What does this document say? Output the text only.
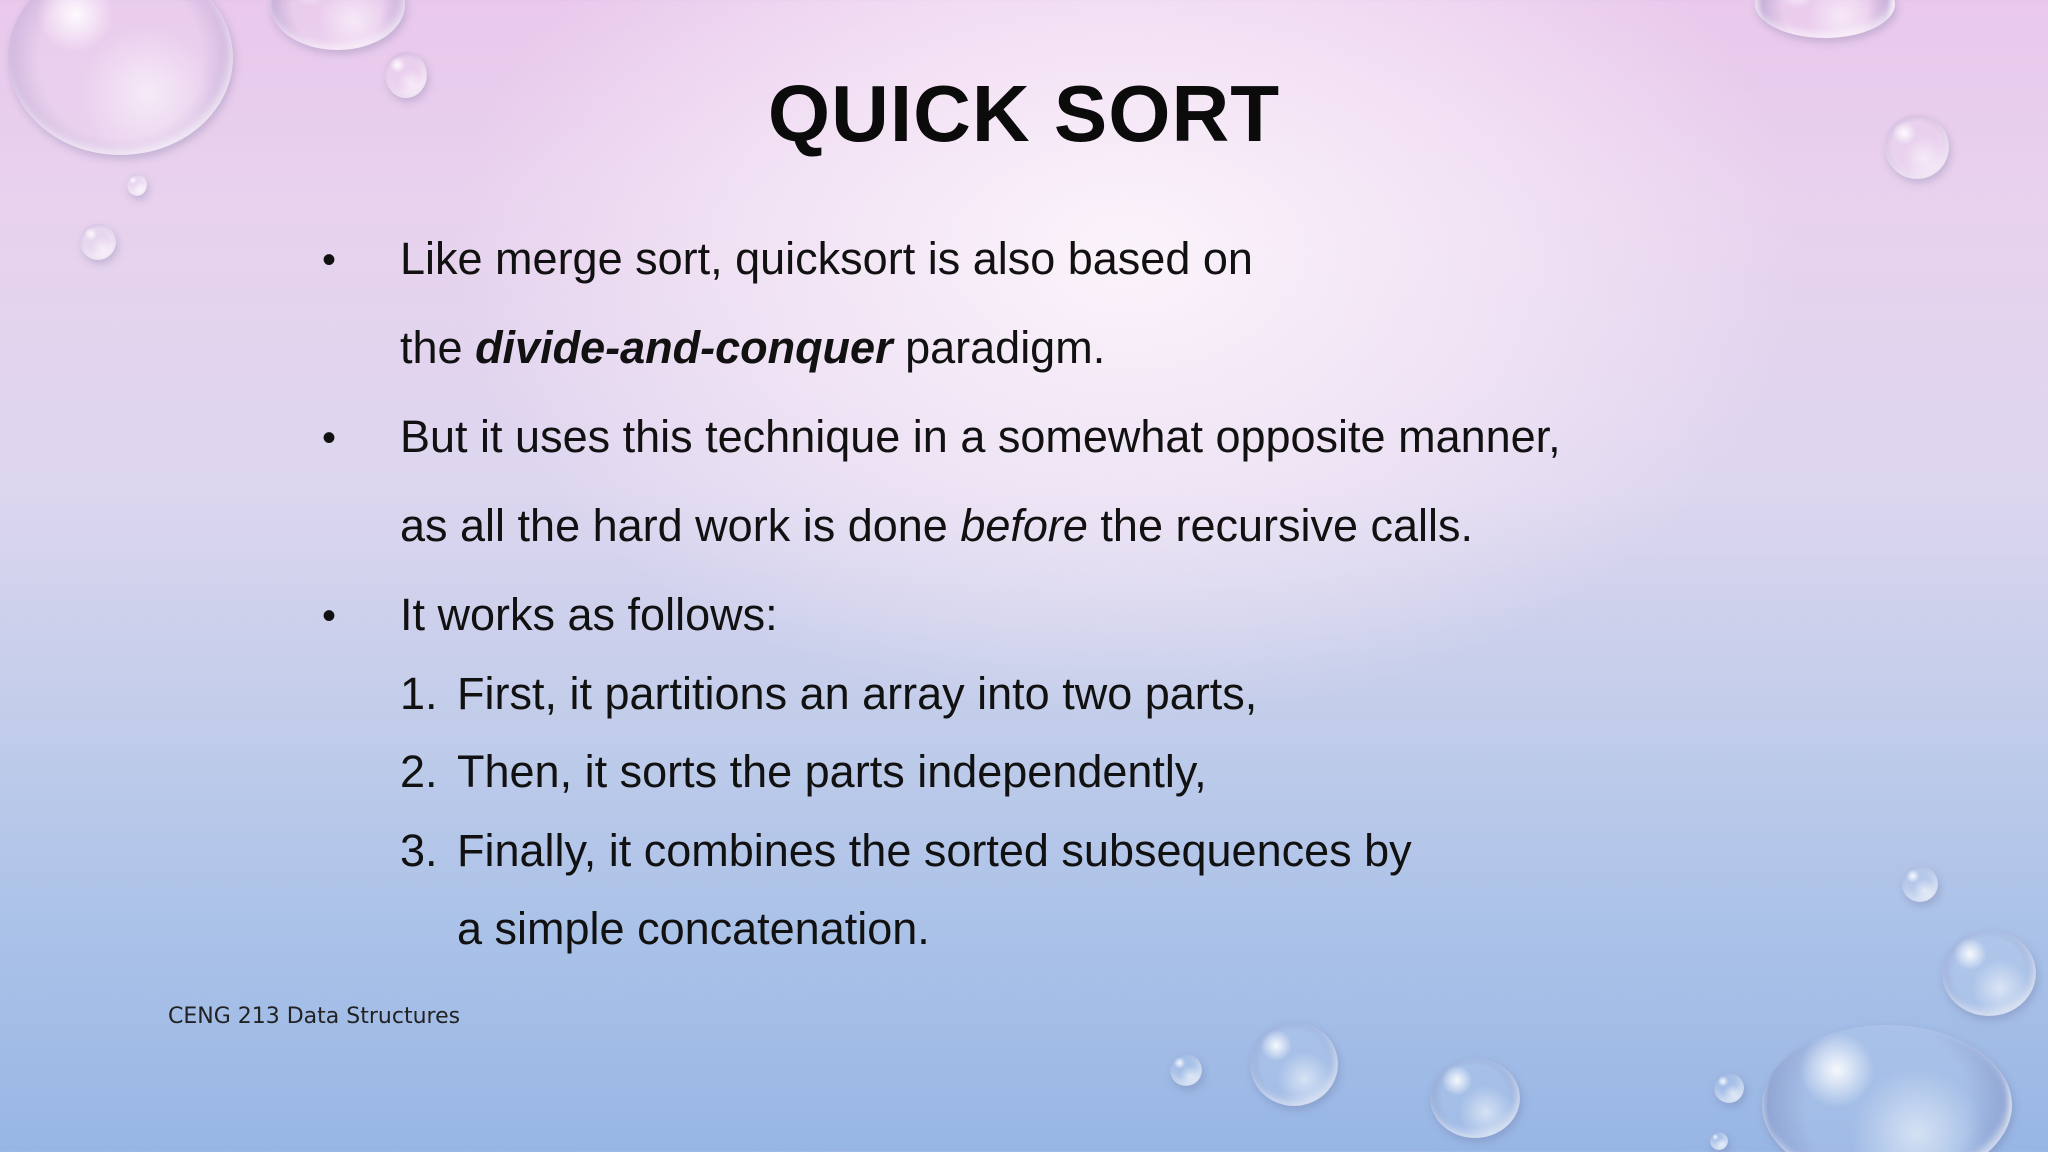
QUICK SORT
• Like merge sort, quicksort is also based on
the divide-and-conquer paradigm.
• But it uses this technique in a somewhat opposite manner,
as all the hard work is done before the recursive calls.
• It works as follows:
1. First, it partitions an array into two parts,
2. Then, it sorts the parts independently,
3. Finally, it combines the sorted subsequences by
a simple concatenation.
CENG 213 Data Structures
